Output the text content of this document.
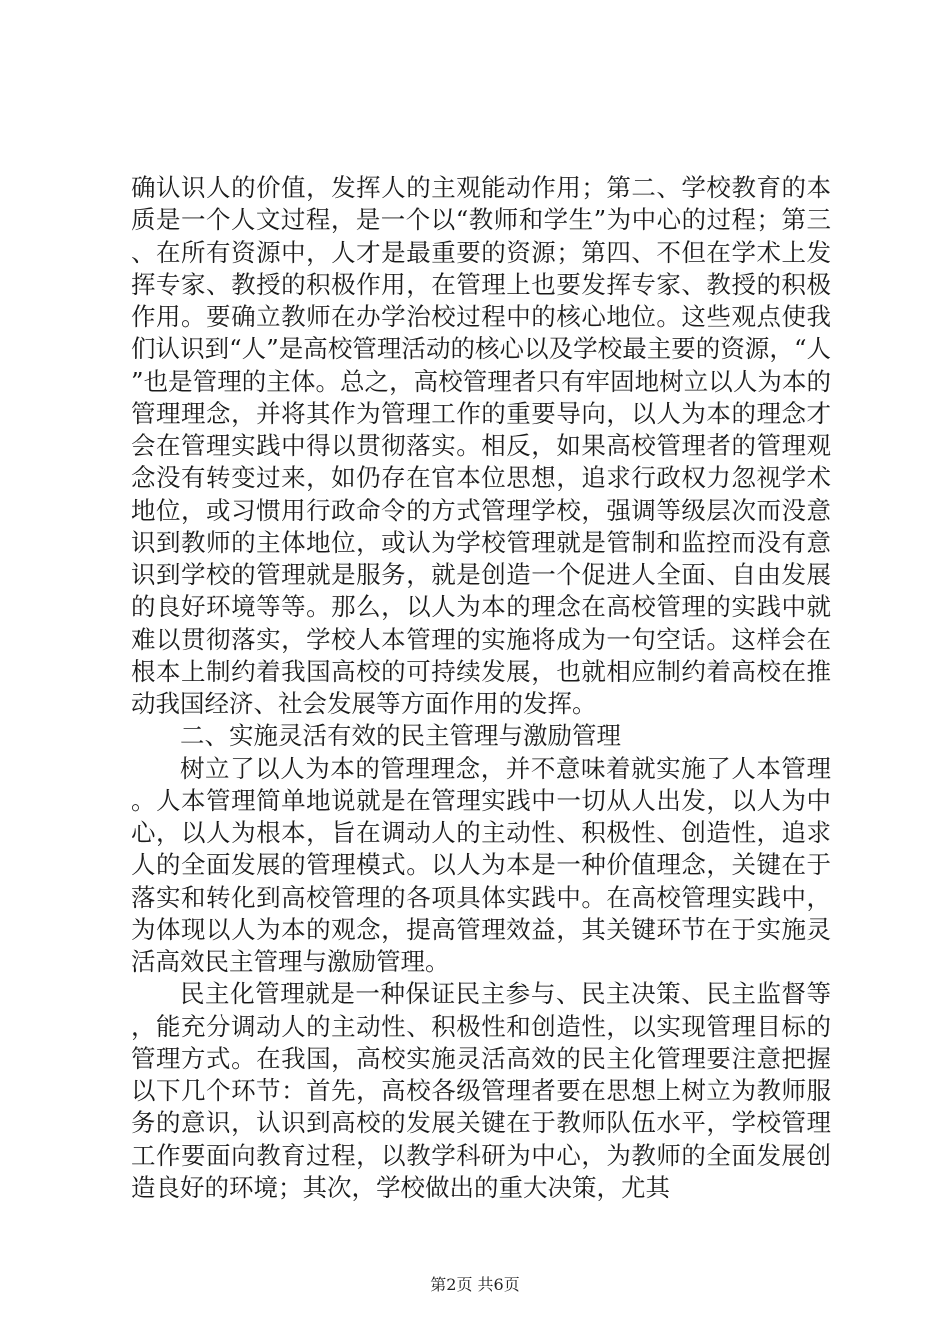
确认识人的价值，发挥人的主观能动作用；第二、学校教育的本质是一个人文过程，是一个以“教师和学生”为中心的过程；第三、在所有资源中，人才是最重要的资源；第四、不但在学术上发挥专家、教授的积极作用，在管理上也要发挥专家、教授的积极作用。要确立教师在办学治校过程中的核心地位。这些观点使我们认识到“人”是高校管理活动的核心以及学校最主要的资源，“人”也是管理的主体。总之，高校管理者只有牢固地树立以人为本的管理理念，并将其作为管理工作的重要导向，以人为本的理念才会在管理实践中得以贯彻落实。相反，如果高校管理者的管理观念没有转变过来，如仍存在官本位思想，追求行政权力忽视学术地位，或习惯用行政命令的方式管理学校，强调等级层次而没意识到教师的主体地位，或认为学校管理就是管制和监控而没有意识到学校的管理就是服务，就是创造一个促进人全面、自由发展的良好环境等等。那么，以人为本的理念在高校管理的实践中就难以贯彻落实，学校人本管理的实施将成为一句空话。这样会在根本上制约着我国高校的可持续发展，也就相应制约着高校在推动我国经济、社会发展等方面作用的发挥。

二、实施灵活有效的民主管理与激励管理

树立了以人为本的管理理念，并不意味着就实施了人本管理。人本管理简单地说就是在管理实践中一切从人出发，以人为中心，以人为根本，旨在调动人的主动性、积极性、创造性，追求人的全面发展的管理模式。以人为本是一种价值理念，关键在于落实和转化到高校管理的各项具体实践中。在高校管理实践中，为体现以人为本的观念，提高管理效益，其关键环节在于实施灵活高效民主管理与激励管理。

民主化管理就是一种保证民主参与、民主决策、民主监督等，能充分调动人的主动性、积极性和创造性，以实现管理目标的管理方式。在我国，高校实施灵活高效的民主化管理要注意把握以下几个环节：首先，高校各级管理者要在思想上树立为教师服务的意识，认识到高校的发展关键在于教师队伍水平，学校管理工作要面向教育过程，以教学科研为中心，为教师的全面发展创造良好的环境；其次，学校做出的重大决策，尤其

第2页 共6页
